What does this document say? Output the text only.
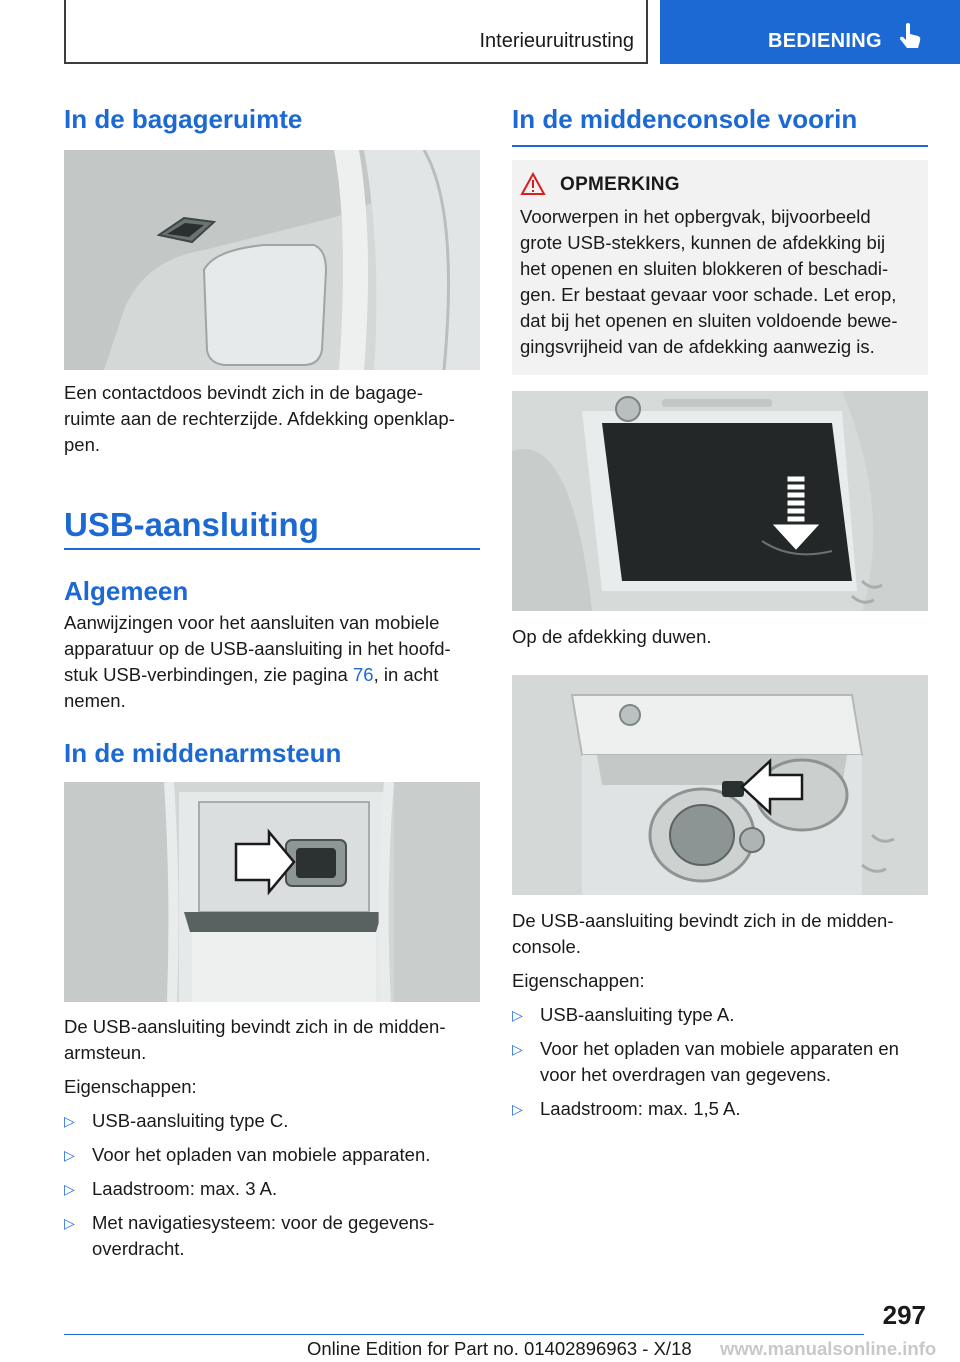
Interieuruitrusting	BEDIENING
In de bagageruimte

Een contactdoos bevindt zich in de bagage-

ruimte aan de rechterzijde. Afdekking openklap-

pen.

USB-aansluiting
Algemeen

Aanwijzingen voor het aansluiten van mobiele

apparatuur op de USB-aansluiting in het hoofd-

stuk USB-verbindingen, zie pagina 76, in acht

nemen.

In de middenarmsteun

De USB-aansluiting bevindt zich in de midden-

armsteun.

Eigenschappen:

▷ USB-aansluiting type C.
▷ Voor het opladen van mobiele apparaten.
▷ Laadstroom: max. 3 A.
▷ Met navigatiesysteem: voor de gegevens-
overdracht.
In de middenconsole voorin
OPMERKING

Voorwerpen in het opbergvak, bijvoorbeeld

grote USB-stekkers, kunnen de afdekking bij

het openen en sluiten blokkeren of beschadi-

gen. Er bestaat gevaar voor schade. Let erop,

dat bij het openen en sluiten voldoende bewe-

gingsvrijheid van de afdekking aanwezig is.

Op de afdekking duwen.

De USB-aansluiting bevindt zich in de midden-

console.

Eigenschappen:

▷ USB-aansluiting type A.
▷ Voor het opladen van mobiele apparaten en
voor het overdragen van gegevens.
▷ Laadstroom: max. 1,5 A.
297
Online Edition for Part no. 01402896963 - X/18 www.manualsonline.info
